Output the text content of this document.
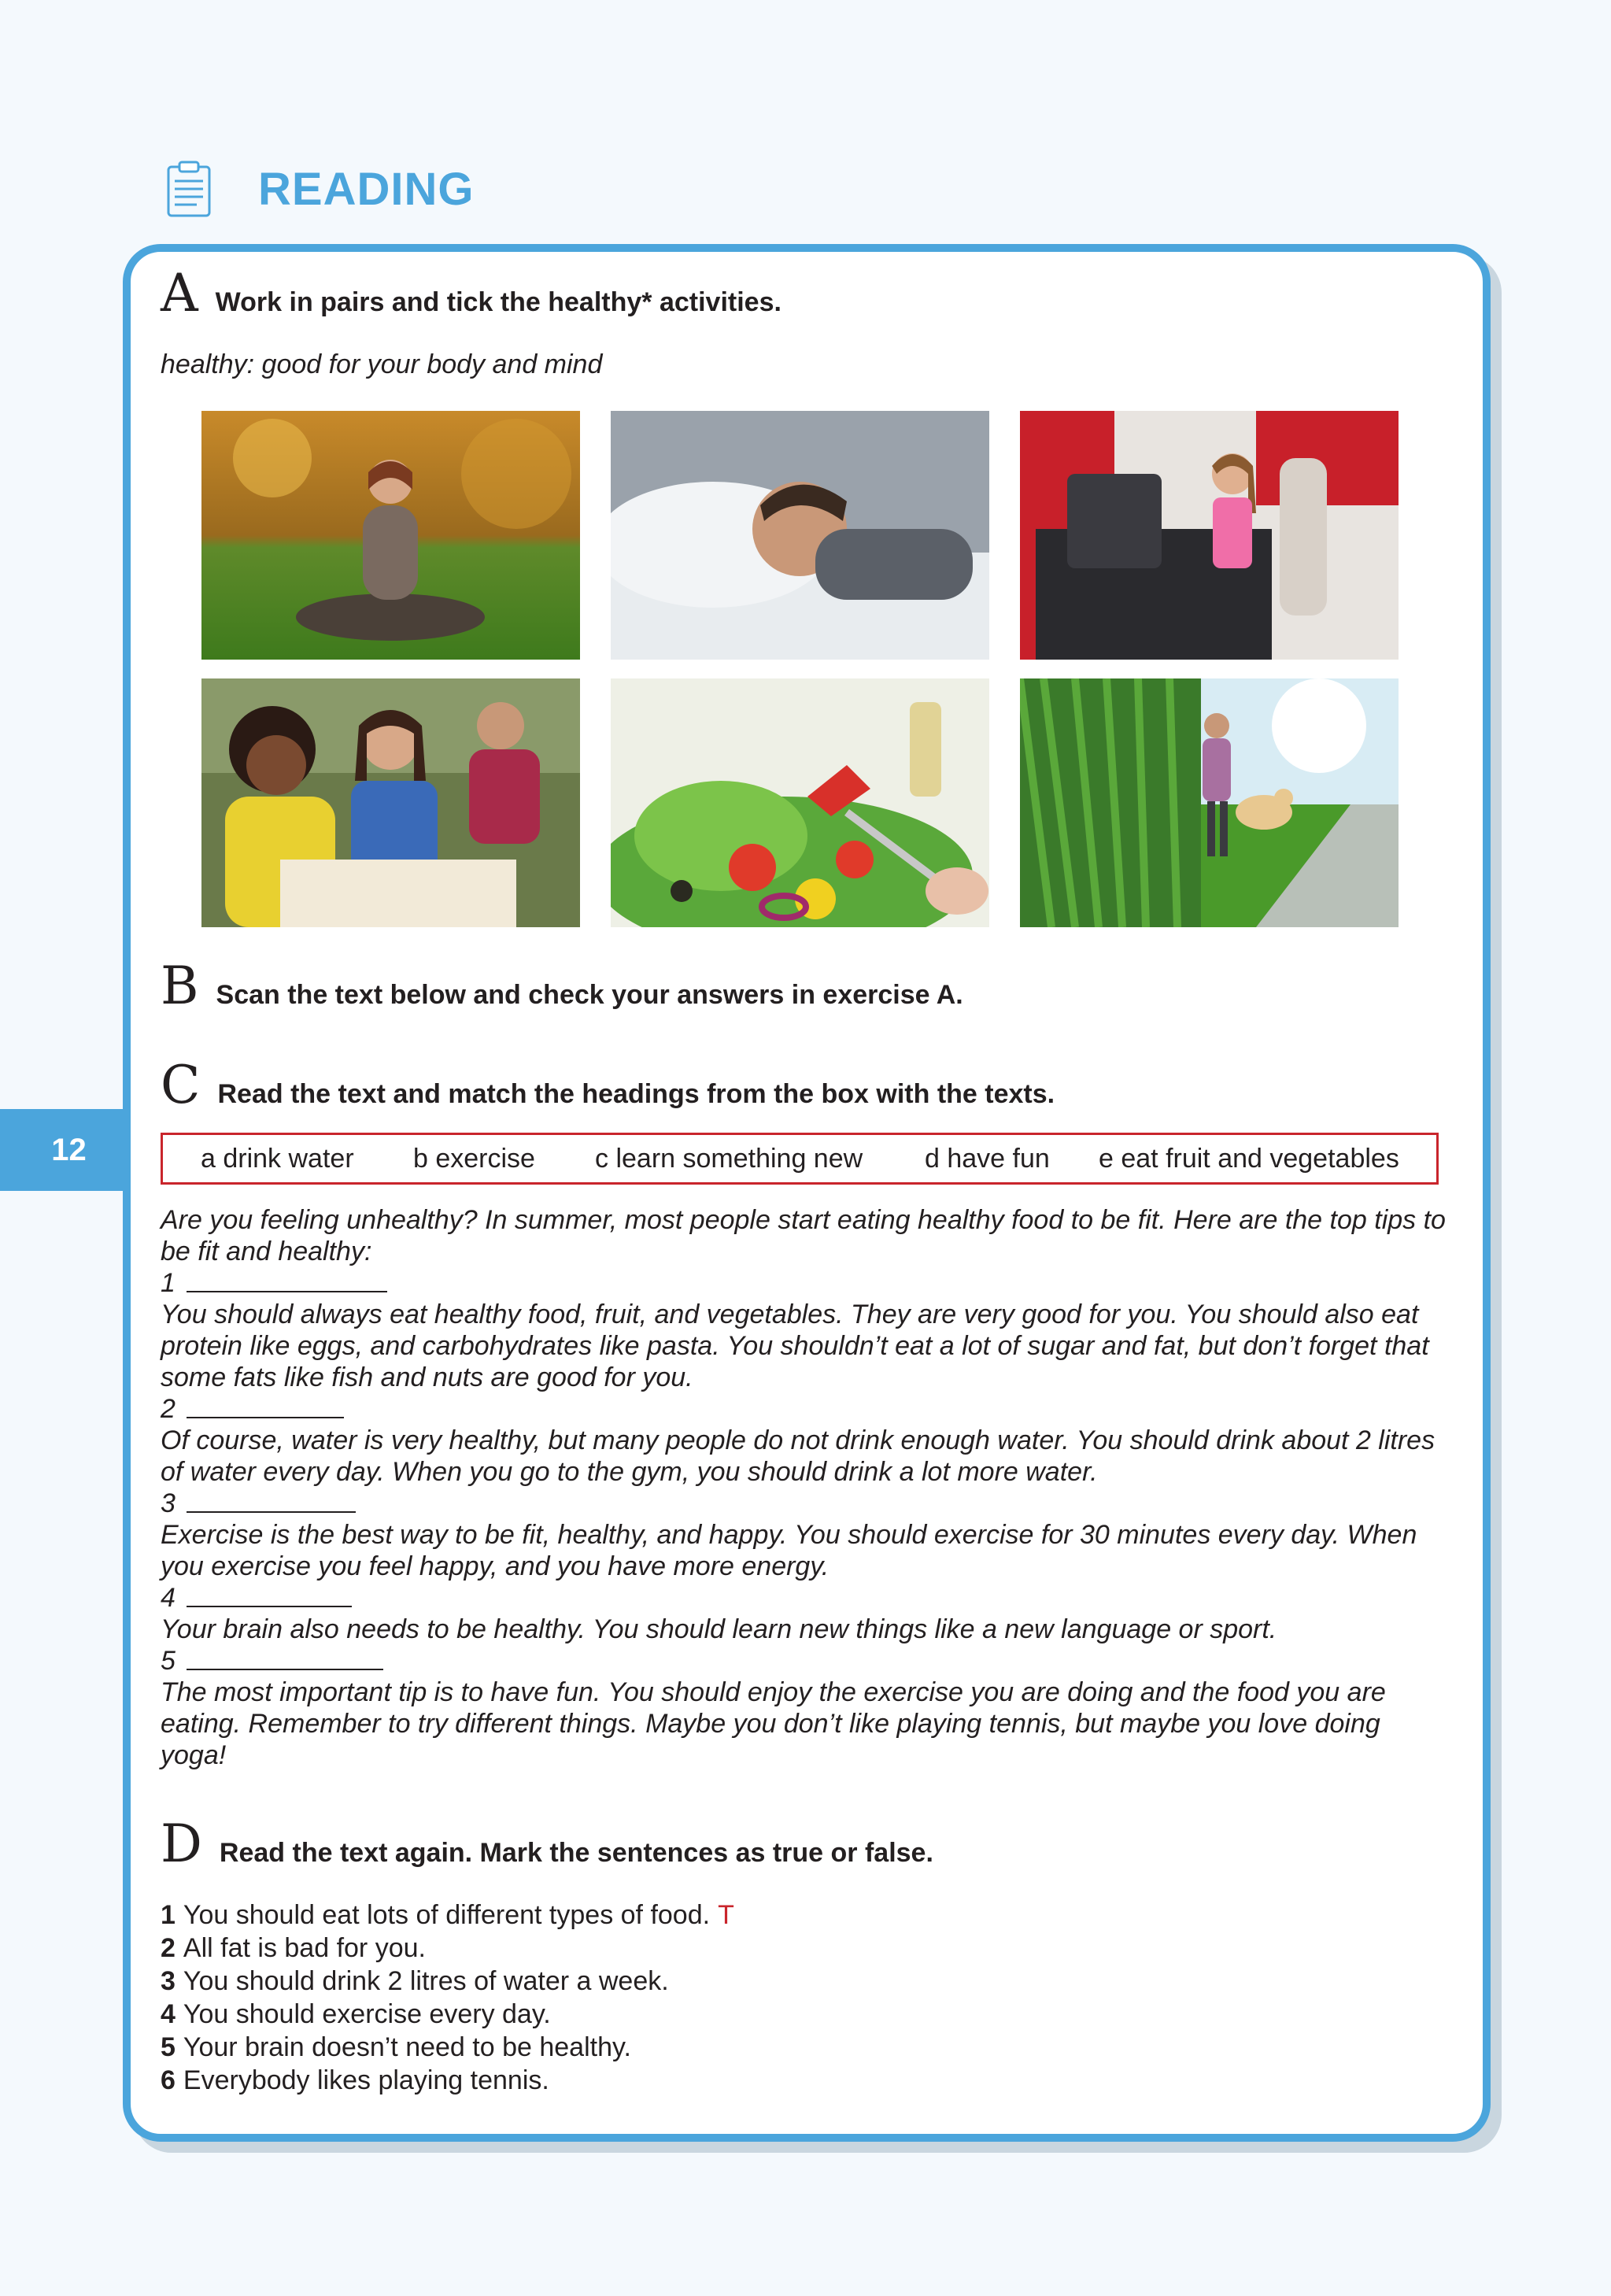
READING
12
A Work in pairs and tick the healthy* activities.
healthy: good for your body and mind
B Scan the text below and check your answers in exercise A.
C Read the text and match the headings from the box with the texts.
a drink water b exercise c learn something new d have fun e eat fruit and vegetables

Are you feeling unhealthy? In summer, most people start eating healthy food to be fit. Here are the top tips to be fit and healthy:

1

You should always eat healthy food, fruit, and vegetables. They are very good for you. You should also eat protein like eggs, and carbohydrates like pasta. You shouldn’t eat a lot of sugar and fat, but don’t forget that some fats like fish and nuts are good for you.

2

Of course, water is very healthy, but many people do not drink enough water. You should drink about 2 litres of water every day. When you go to the gym, you should drink a lot more water.

3

Exercise is the best way to be fit, healthy, and happy. You should exercise for 30 minutes every day. When you exercise you feel happy, and you have more energy.

4

Your brain also needs to be healthy. You should learn new things like a new language or sport.

5

The most important tip is to have fun. You should enjoy the exercise you are doing and the food you are eating. Remember to try different things. Maybe you don’t like playing tennis, but maybe you love doing yoga!

D Read the text again. Mark the sentences as true or false.
1 You should eat lots of different types of food. T
2 All fat is bad for you.
3 You should drink 2 litres of water a week.
4 You should exercise every day.
5 Your brain doesn’t need to be healthy.
6 Everybody likes playing tennis.
